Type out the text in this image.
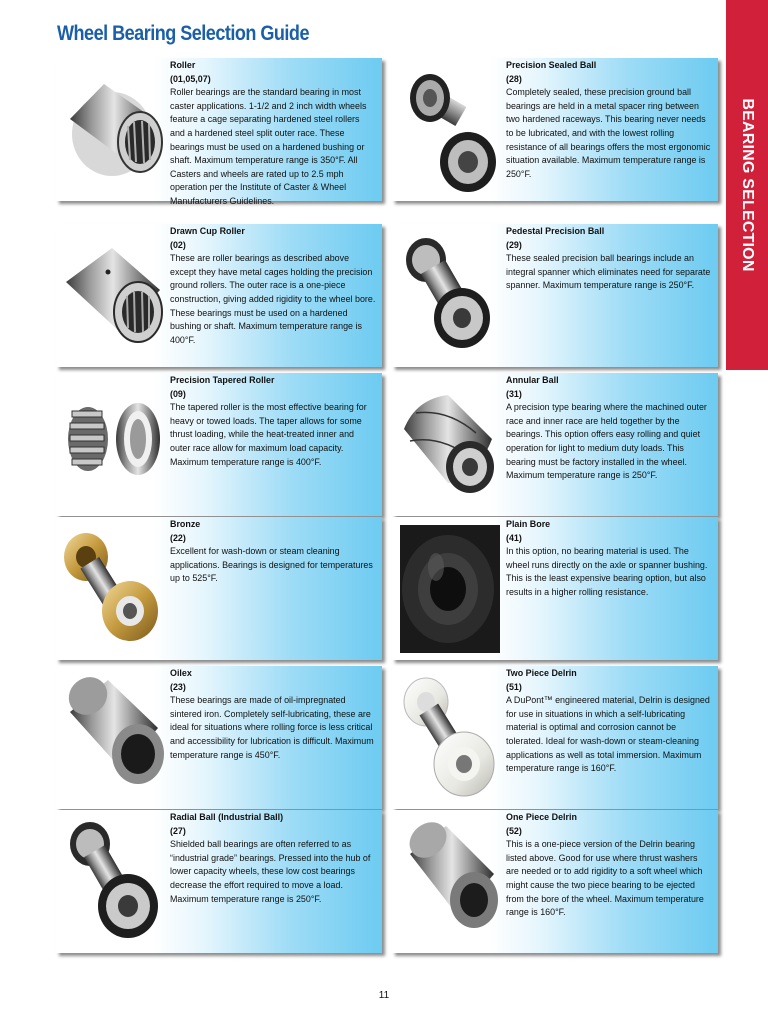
Wheel Bearing Selection Guide
BEARING SELECTION
Roller
(01,05,07)
Roller bearings are the standard bearing in most caster applications. 1-1/2 and 2 inch width wheels feature a cage separating hardened steel rollers and a hardened steel split outer race. These bearings must be used on a hardened bushing or shaft. Maximum temperature range is 350°F. All Casters and wheels are rated up to 2.5 mph operation per the Institute of Caster & Wheel Manufacturers Guidelines.
Precision Sealed Ball
(28)
Completely sealed, these precision ground ball bearings are held in a metal spacer ring between two hardened raceways. This bearing never needs to be lubricated, and with the lowest rolling resistance of all bearings offers the most ergonomic situation available. Maximum temperature range is 250°F.
Drawn Cup Roller
(02)
These are roller bearings as described above except they have metal cages holding the precision ground rollers. The outer race is a one-piece construction, giving added rigidity to the wheel bore. These bearings must be used on a hardened bushing or shaft. Maximum temperature range is 400°F.
Pedestal Precision Ball
(29)
These sealed precision ball bearings include an integral spanner which eliminates need for separate spanner. Maximum temperature range is 250°F.
Precision Tapered Roller
(09)
The tapered roller is the most effective bearing for heavy or towed loads. The taper allows for some thrust loading, while the heat-treated inner and outer race allow for maximum load capacity. Maximum temperature range is 400°F.
Annular Ball
(31)
A precision type bearing where the machined outer race and inner race are held together by the bearings. This option offers easy rolling and quiet operation for light to medium duty loads. This bearing must be factory installed in the wheel. Maximum temperature range is 250°F.
Bronze
(22)
Excellent for wash-down or steam cleaning applications. Bearings is designed for temperatures up to 525°F.
Plain Bore
(41)
In this option, no bearing material is used. The wheel runs directly on the axle or spanner bushing. This is the least expensive bearing option, but also results in a higher rolling resistance.
Oilex
(23)
These bearings are made of oil-impregnated sintered iron. Completely self-lubricating, these are ideal for situations where rolling force is less critical and accessibility for lubrication is difficult. Maximum temperature range is 450°F.
Two Piece Delrin
(51)
A DuPont™ engineered material, Delrin is designed for use in situations in which a self-lubricating material is optimal and corrosion cannot be tolerated. Ideal for wash-down or steam-cleaning applications as well as total immersion. Maximum temperature range is 160°F.
Radial Ball (Industrial Ball)
(27)
Shielded ball bearings are often referred to as “industrial grade” bearings. Pressed into the hub of lower capacity wheels, these low cost bearings decrease the effort required to move a load. Maximum temperature range is 250°F.
One Piece Delrin
(52)
This is a one-piece version of the Delrin bearing listed above. Good for use where thrust washers are needed or to add rigidity to a soft wheel which might cause the two piece bearing to be ejected from the bore of the wheel. Maximum temperature range is 160°F.
11
